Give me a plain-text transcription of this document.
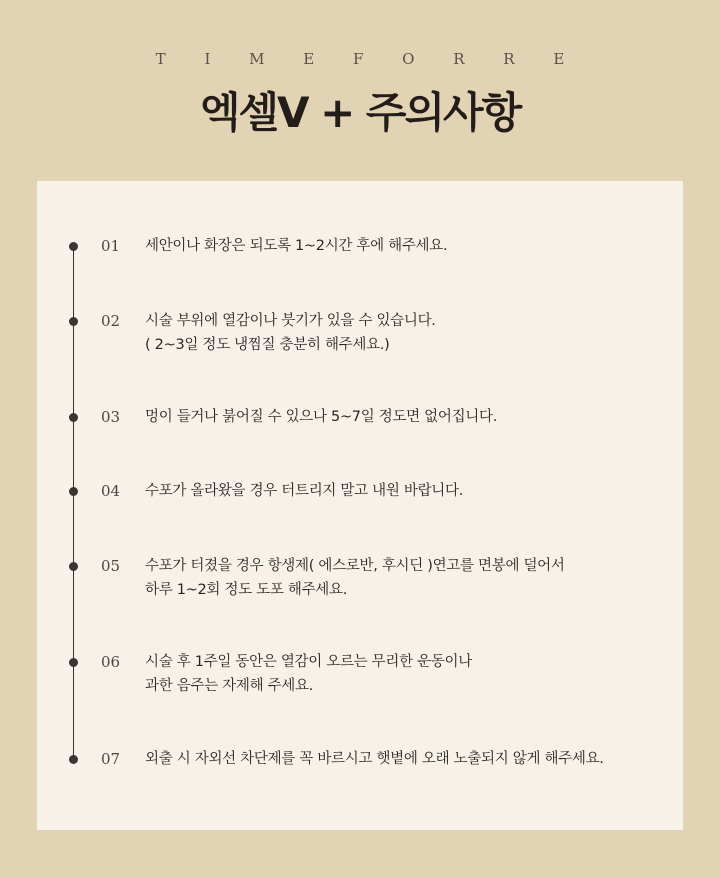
T I M E F O R R E
엑셀V + 주의사항
01 세안이나 화장은 되도록 1~2시간 후에 해주세요.
02 시술 부위에 열감이나 붓기가 있을 수 있습니다.
( 2~3일 정도 냉찜질 충분히 해주세요.)
03 멍이 들거나 붉어질 수 있으나 5~7일 정도면 없어집니다.
04 수포가 올라왔을 경우 터트리지 말고 내원 바랍니다.
05 수포가 터졌을 경우 항생제( 에스로반, 후시딘 )연고를 면봉에 덜어서
하루 1~2회 정도 도포 해주세요.
06 시술 후 1주일 동안은 열감이 오르는 무리한 운동이나
과한 음주는 자제해 주세요.
07 외출 시 자외선 차단제를 꼭 바르시고 햇볕에 오래 노출되지 않게 해주세요.
